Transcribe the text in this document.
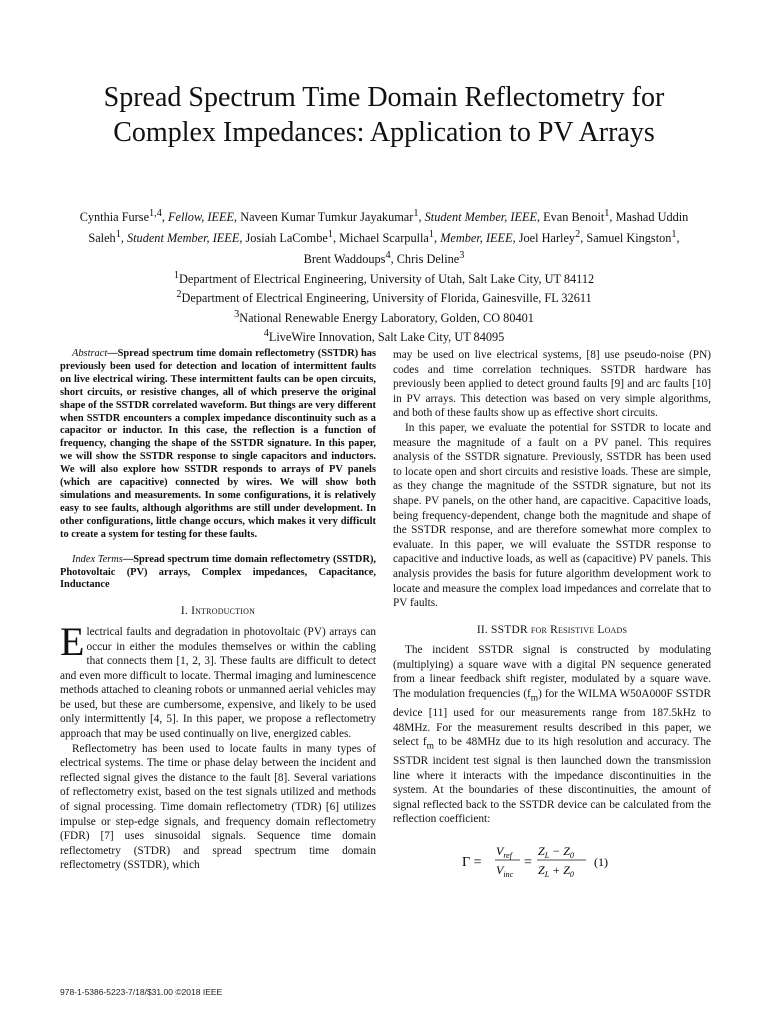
Spread Spectrum Time Domain Reflectometry for Complex Impedances: Application to PV Arrays
Cynthia Furse$^{1,4}$, Fellow, IEEE, Naveen Kumar Tumkur Jayakumar$^1$, Student Member, IEEE, Evan Benoit$^1$, Mashad Uddin Saleh$^1$, Student Member, IEEE, Josiah LaCombe$^1$, Michael Scarpulla$^1$, Member, IEEE, Joel Harley$^2$, Samuel Kingston$^1$, Brent Waddoups$^4$, Chris Deline$^3$
$^1$Department of Electrical Engineering, University of Utah, Salt Lake City, UT 84112
$^2$Department of Electrical Engineering, University of Florida, Gainesville, FL 32611
$^3$National Renewable Energy Laboratory, Golden, CO 80401
$^4$LiveWire Innovation, Salt Lake City, UT 84095

Abstract—Spread spectrum time domain reflectometry (SSTDR) has previously been used for detection and location of intermittent faults on live electrical wiring. These intermittent faults can be open circuits, short circuits, or resistive changes, all of which preserve the original shape of the SSTDR correlated waveform. But things are very different when SSTDR encounters a complex impedance discontinuity such as a capacitor or inductor. In this case, the reflection is a function of frequency, changing the shape of the SSTDR signature. In this paper, we will show the SSTDR response to single capacitors and inductors. We will also explore how SSTDR responds to arrays of PV panels (which are capacitive) connected by wires. We will show both simulations and measurements. In some configurations, it is relatively easy to see faults, although algorithms are still under development. In other configurations, little change occurs, which makes it very difficult to create a system for testing for these faults.

Index Terms—Spread spectrum time domain reflectometry (SSTDR), Photovoltaic (PV) arrays, Complex impedances, Capacitance, Inductance

I. Introduction

Electrical faults and degradation in photovoltaic (PV) arrays can occur in either the modules themselves or within the cabling that connects them [1, 2, 3]. These faults are difficult to detect and even more difficult to locate. Thermal imaging and luminescence methods attached to cleaning robots or unmanned aerial vehicles may be used, but these are cumbersome, expensive, and likely to be used only intermittently [4, 5]. In this paper, we propose a reflectometry approach that may be used continually on live, energized cables.

Reflectometry has been used to locate faults in many types of electrical systems. The time or phase delay between the incident and reflected signal gives the distance to the fault [8]. Several variations of reflectometry exist, based on the test signals utilized and methods of signal processing. Time domain reflectometry (TDR) [6] utilizes impulse or step-edge signals, and frequency domain reflectometry (FDR) [7] uses sinusoidal signals. Sequence time domain reflectometry (STDR) and spread spectrum time domain reflectometry (SSTDR), which

may be used on live electrical systems, [8] use pseudo-noise (PN) codes and time correlation techniques. SSTDR hardware has previously been applied to detect ground faults [9] and arc faults [10] in PV arrays. This detection was based on very simple algorithms, and both of these faults show up as effective short circuits.

In this paper, we evaluate the potential for SSTDR to locate and measure the magnitude of a fault on a PV panel. This requires analysis of the SSTDR signature. Previously, SSTDR has been used to locate open and short circuits and resistive loads. These are simple, as they change the magnitude of the SSTDR signature, but not its shape. PV panels, on the other hand, are capacitive. Capacitive loads, being frequency-dependent, change both the magnitude and shape of the SSTDR response, and are therefore somewhat more complex to evaluate. In this paper, we will evaluate the SSTDR response to capacitive and inductive loads, as well as (capacitive) PV panels. This analysis provides the basis for future algorithm development work to locate and measure the complex load impedances and correlate that to PV faults.

II. SSTDR for Resistive Loads

The incident SSTDR signal is constructed by modulating (multiplying) a square wave with a digital PN sequence generated from a linear feedback shift register, modulated by a square wave. The modulation frequencies $(f_m)$ for the WILMA W50A000F SSTDR device [11] used for our measurements range from 187.5kHz to 48MHz. For the measurement results described in this paper, we select $f_m$ to be 48MHz due to its high resolution and accuracy. The SSTDR incident test signal is then launched down the transmission line where it interacts with the impedance discontinuities in the system. At the boundaries of these discontinuities, the amount of signal reflected back to the SSTDR device can be calculated from the reflection coefficient:

Γ =
$V_{ref}$
$V_{inc}$
=
$Z_L - Z_0$
$Z_L + Z_0$
(1)
978-1-5386-5223-7/18/$31.00 ©2018 IEEE
